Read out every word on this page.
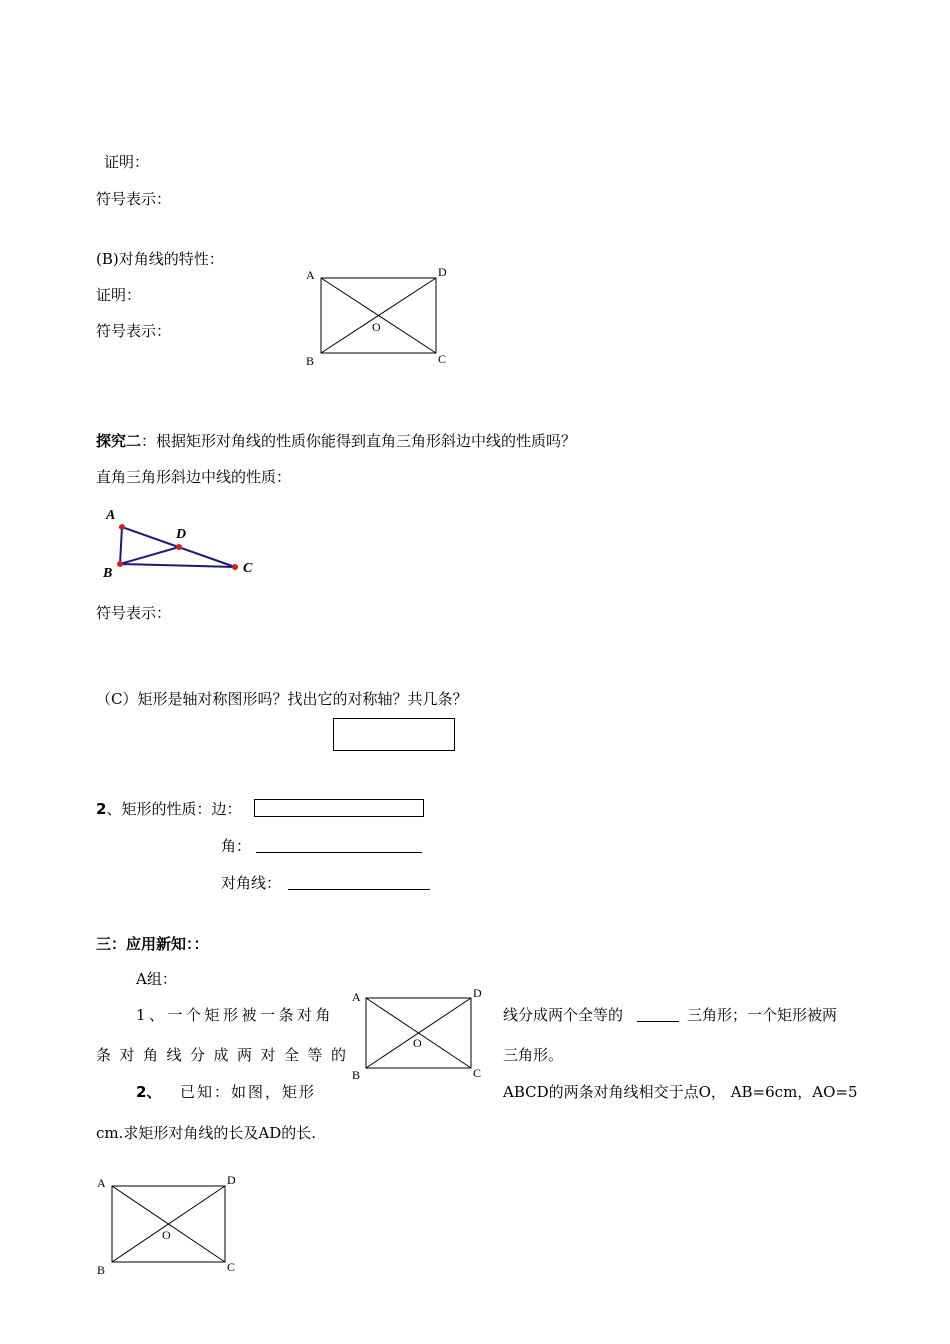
证明：
符号表示：
(B)对角线的特性：
证明：
符号表示：
A	D
O
B	C
探究二：根据矩形对角线的性质你能得到直角三角形斜边中线的性质吗？
直角三角形斜边中线的性质：
A
D
B	C
符号表示：
（C）矩形是轴对称图形吗？找出它的对称轴？共几条？
2、矩形的性质：边：
角：
对角线：
三：应用新知：：
A组：
1、一个矩形被一条对角	线分成两个全等的	三角形；一个矩形被两
条对角线分成两对全等的	三角形。
2、 已知：如图，矩形	ABCD的两条对角线相交于点O， AB=6cm，AO=5
cm.求矩形对角线的长及AD的长.
A	D
O
B	C
A	D
O
B	C
